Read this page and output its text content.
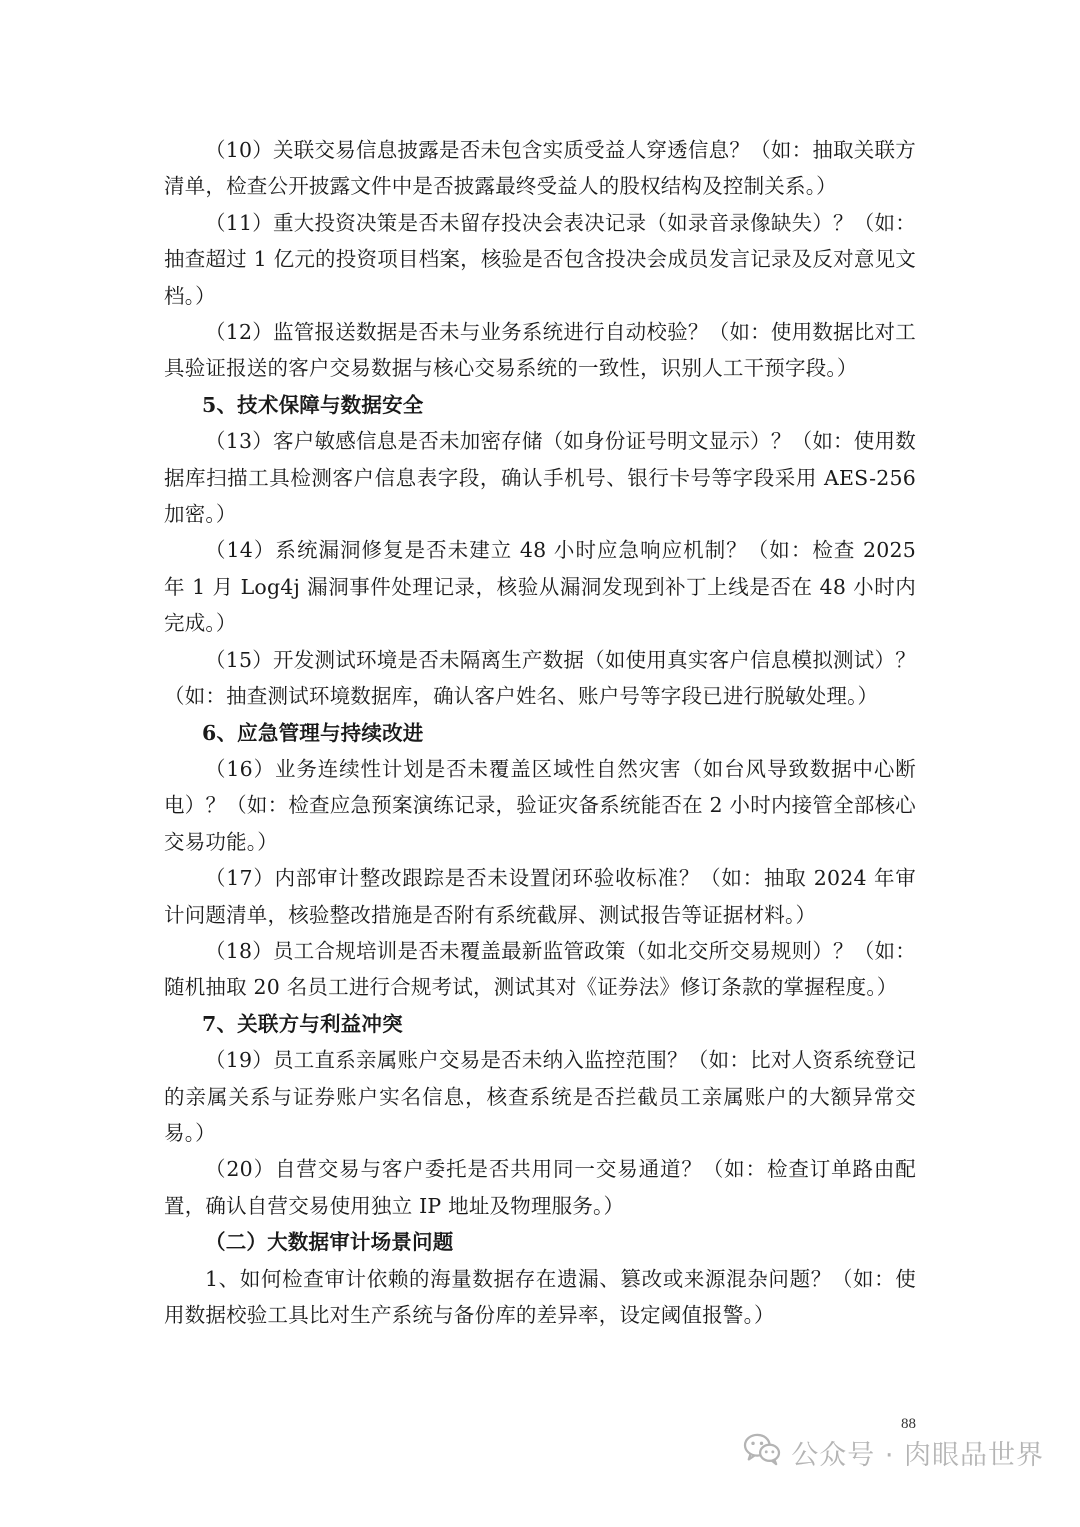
（10）关联交易信息披露是否未包含实质受益人穿透信息？（如：抽取关联方清单，检查公开披露文件中是否披露最终受益人的股权结构及控制关系。）

（11）重大投资决策是否未留存投决会表决记录（如录音录像缺失）？（如：抽查超过 1 亿元的投资项目档案，核验是否包含投决会成员发言记录及反对意见文档。）

（12）监管报送数据是否未与业务系统进行自动校验？（如：使用数据比对工具验证报送的客户交易数据与核心交易系统的一致性，识别人工干预字段。）

5、技术保障与数据安全

（13）客户敏感信息是否未加密存储（如身份证号明文显示）？（如：使用数据库扫描工具检测客户信息表字段，确认手机号、银行卡号等字段采用 AES-256 加密。）

（14）系统漏洞修复是否未建立 48 小时应急响应机制？（如：检查 2025 年 1 月 Log4j 漏洞事件处理记录，核验从漏洞发现到补丁上线是否在 48 小时内完成。）

（15）开发测试环境是否未隔离生产数据（如使用真实客户信息模拟测试）？（如：抽查测试环境数据库，确认客户姓名、账户号等字段已进行脱敏处理。）

6、应急管理与持续改进

（16）业务连续性计划是否未覆盖区域性自然灾害（如台风导致数据中心断电）？（如：检查应急预案演练记录，验证灾备系统能否在 2 小时内接管全部核心交易功能。）

（17）内部审计整改跟踪是否未设置闭环验收标准？（如：抽取 2024 年审计问题清单，核验整改措施是否附有系统截屏、测试报告等证据材料。）

（18）员工合规培训是否未覆盖最新监管政策（如北交所交易规则）？（如：随机抽取 20 名员工进行合规考试，测试其对《证券法》修订条款的掌握程度。）

7、关联方与利益冲突

（19）员工直系亲属账户交易是否未纳入监控范围？（如：比对人资系统登记的亲属关系与证券账户实名信息，核查系统是否拦截员工亲属账户的大额异常交易。）

（20）自营交易与客户委托是否共用同一交易通道？（如：检查订单路由配置，确认自营交易使用独立 IP 地址及物理服务。）

（二）大数据审计场景问题

1、如何检查审计依赖的海量数据存在遗漏、篡改或来源混杂问题？（如：使用数据校验工具比对生产系统与备份库的差异率，设定阈值报警。）

88
公众号 · 肉眼品世界
